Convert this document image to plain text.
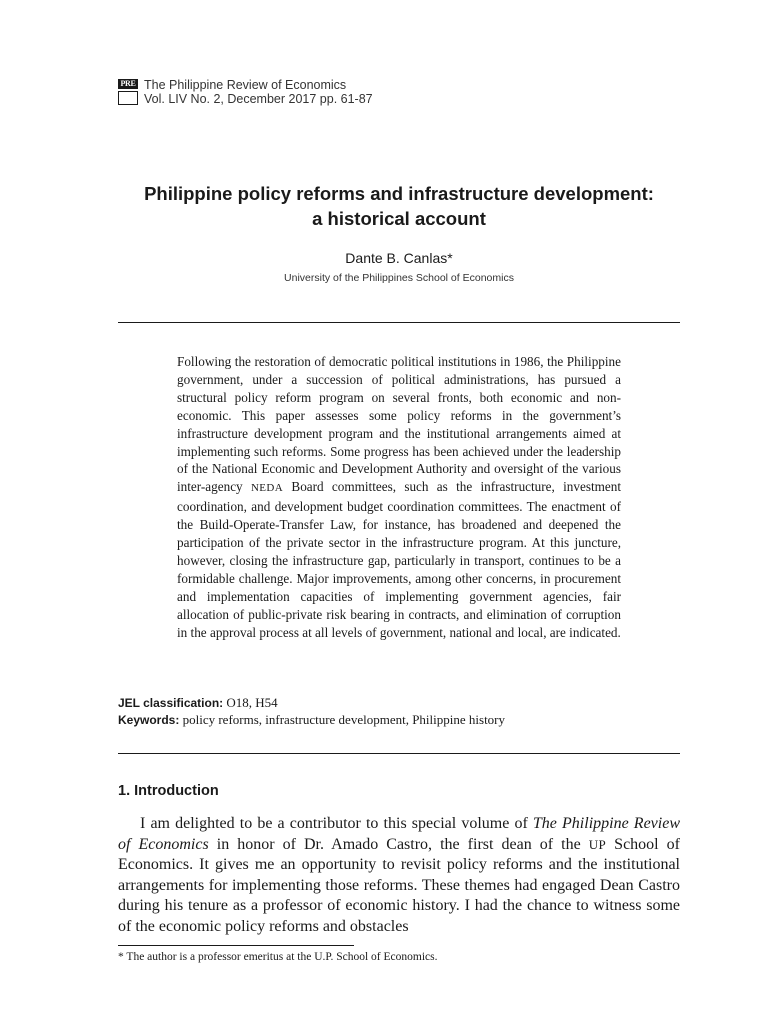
PRE The Philippine Review of Economics
Vol. LIV No. 2, December 2017 pp. 61-87
Philippine policy reforms and infrastructure development:
a historical account
Dante B. Canlas*
University of the Philippines School of Economics
Following the restoration of democratic political institutions in 1986, the Philippine government, under a succession of political administrations, has pursued a structural policy reform program on several fronts, both economic and non-economic. This paper assesses some policy reforms in the government’s infrastructure development program and the institutional arrangements aimed at implementing such reforms. Some progress has been achieved under the leadership of the National Economic and Development Authority and oversight of the various inter-agency NEDA Board committees, such as the infrastructure, investment coordination, and development budget coordination committees. The enactment of the Build-Operate-Transfer Law, for instance, has broadened and deepened the participation of the private sector in the infrastructure program. At this juncture, however, closing the infrastructure gap, particularly in transport, continues to be a formidable challenge. Major improvements, among other concerns, in procurement and implementation capacities of implementing government agencies, fair allocation of public-private risk bearing in contracts, and elimination of corruption in the approval process at all levels of government, national and local, are indicated.
JEL classification: O18, H54
Keywords: policy reforms, infrastructure development, Philippine history
1. Introduction

I am delighted to be a contributor to this special volume of The Philippine Review of Economics in honor of Dr. Amado Castro, the first dean of the UP School of Economics. It gives me an opportunity to revisit policy reforms and the institutional arrangements for implementing those reforms. These themes had engaged Dean Castro during his tenure as a professor of economic history. I had the chance to witness some of the economic policy reforms and obstacles

* The author is a professor emeritus at the U.P. School of Economics.
